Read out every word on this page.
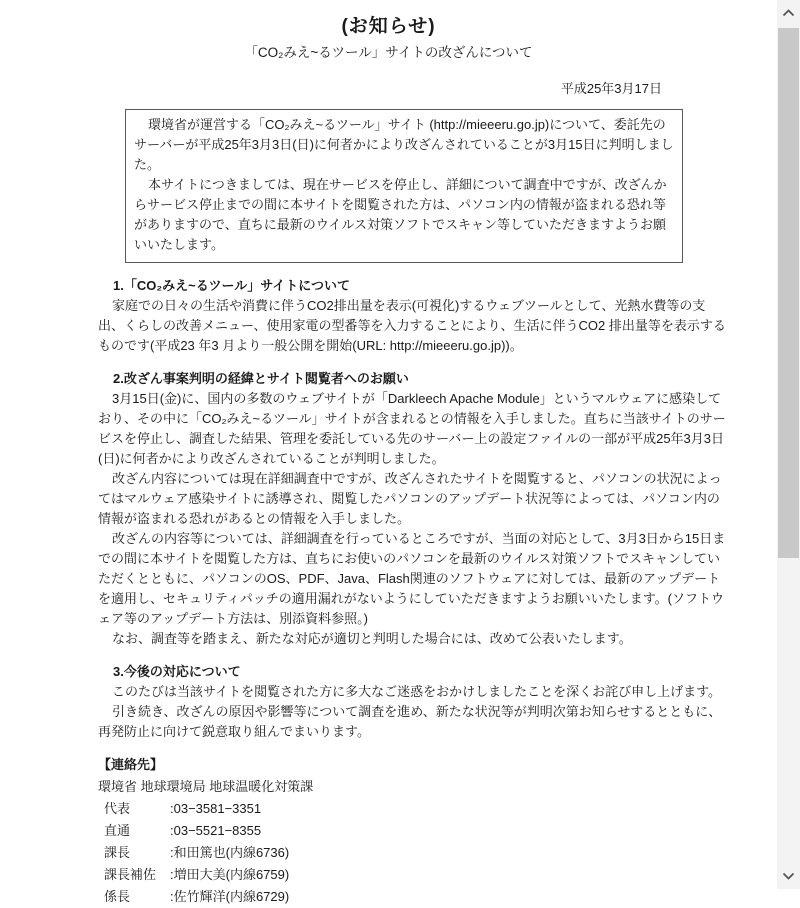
(お知らせ)
「CO₂みえ~るツール」サイトの改ざんについて
平成25年3月17日

環境省が運営する「CO₂みえ~るツール」サイト (http://mieeeru.go.jp)について、委託先のサーバーが平成25年3月3日(日)に何者かにより改ざんされていることが3月15日に判明しました。

本サイトにつきましては、現在サービスを停止し、詳細について調査中ですが、改ざんからサービス停止までの間に本サイトを閲覧された方は、パソコン内の情報が盗まれる恐れ等がありますので、直ちに最新のウイルス対策ソフトでスキャン等していただきますようお願いいたします。

1.「CO₂みえ~るツール」サイトについて

家庭での日々の生活や消費に伴うCO2排出量を表示(可視化)するウェブツールとして、光熱水費等の支出、くらしの改善メニュー、使用家電の型番等を入力することにより、生活に伴うCO2 排出量等を表示するものです(平成23 年3 月より一般公開を開始(URL: http://mieeeru.go.jp))。

2.改ざん事案判明の経緯とサイト閲覧者へのお願い

3月15日(金)に、国内の多数のウェブサイトが「Darkleech Apache Module」というマルウェアに感染しており、その中に「CO₂みえ~るツール」サイトが含まれるとの情報を入手しました。直ちに当該サイトのサービスを停止し、調査した結果、管理を委託している先のサーバー上の設定ファイルの一部が平成25年3月3日(日)に何者かにより改ざんされていることが判明しました。

改ざん内容については現在詳細調査中ですが、改ざんされたサイトを閲覧すると、パソコンの状況によってはマルウェア感染サイトに誘導され、閲覧したパソコンのアップデート状況等によっては、パソコン内の情報が盗まれる恐れがあるとの情報を入手しました。

改ざんの内容等については、詳細調査を行っているところですが、当面の対応として、3月3日から15日までの間に本サイトを閲覧した方は、直ちにお使いのパソコンを最新のウイルス対策ソフトでスキャンしていただくとともに、パソコンのOS、PDF、Java、Flash関連のソフトウェアに対しては、最新のアップデートを適用し、セキュリティパッチの適用漏れがないようにしていただきますようお願いいたします。(ソフトウェア等のアップデート方法は、別添資料参照。)

なお、調査等を踏まえ、新たな対応が適切と判明した場合には、改めて公表いたします。

3.今後の対応について

このたびは当該サイトを閲覧された方に多大なご迷惑をおかけしましたことを深くお詫び申し上げます。

引き続き、改ざんの原因や影響等について調査を進め、新たな状況等が判明次第お知らせするとともに、再発防止に向けて鋭意取り組んでまいります。

【連絡先】
環境省 地球環境局 地球温暖化対策課
代表	:03−3581−3351
直通	:03−5521−8355
課長	:和田篤也(内線6736)
課長補佐 :増田大美(内線6759)
係長	:佐竹輝洋(内線6729)
